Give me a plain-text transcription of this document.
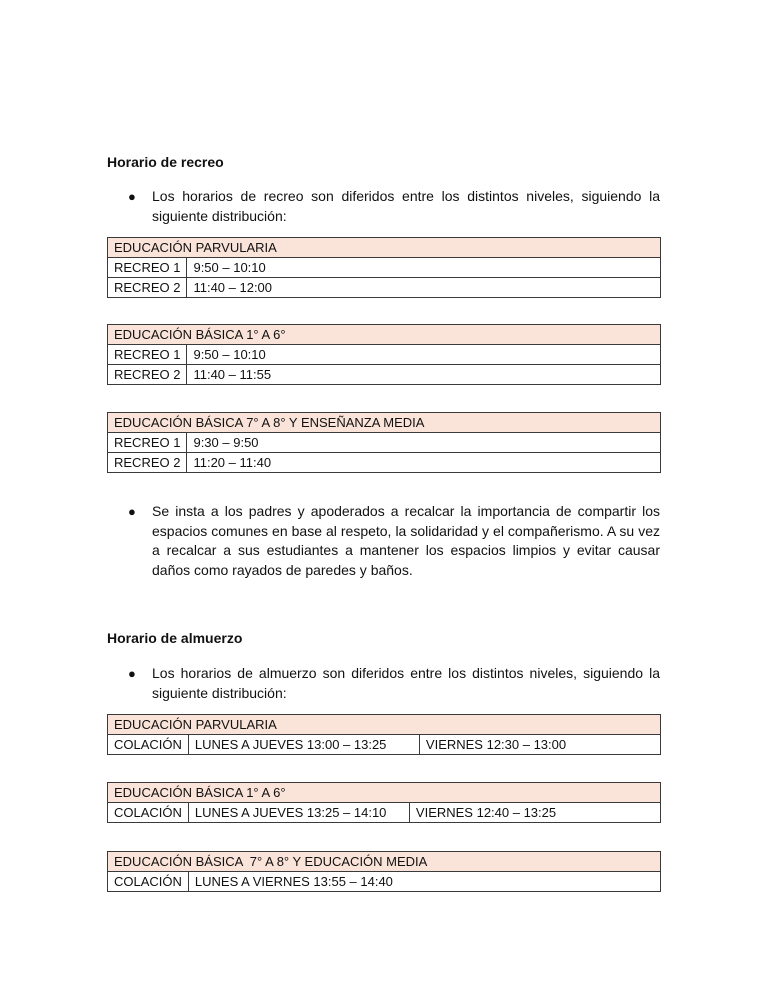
Horario de recreo
● Los horarios de recreo son diferidos entre los distintos niveles, siguiendo la siguiente distribución:
EDUCACIÓN PARVULARIA	
RECREO 1	9:50 – 10:10
RECREO 2	11:40 – 12:00
EDUCACIÓN BÁSICA 1° A 6°	
RECREO 1	9:50 – 10:10
RECREO 2	11:40 – 11:55
EDUCACIÓN BÁSICA 7° A 8° Y ENSEÑANZA MEDIA	
RECREO 1	9:30 – 9:50
RECREO 2	11:20 – 11:40
● Se insta a los padres y apoderados a recalcar la importancia de compartir los espacios comunes en base al respeto, la solidaridad y el compañerismo. A su vez a recalcar a sus estudiantes a mantener los espacios limpios y evitar causar daños como rayados de paredes y baños.
Horario de almuerzo
● Los horarios de almuerzo son diferidos entre los distintos niveles, siguiendo la siguiente distribución:
EDUCACIÓN PARVULARIA
COLACIÓN	LUNES A JUEVES 13:00 – 13:25	VIERNES 12:30 – 13:00
EDUCACIÓN BÁSICA 1° A 6°
COLACIÓN	LUNES A JUEVES 13:25 – 14:10	VIERNES 12:40 – 13:25
EDUCACIÓN BÁSICA  7° A 8° Y EDUCACIÓN MEDIA
COLACIÓN	LUNES A VIERNES 13:55 – 14:40
